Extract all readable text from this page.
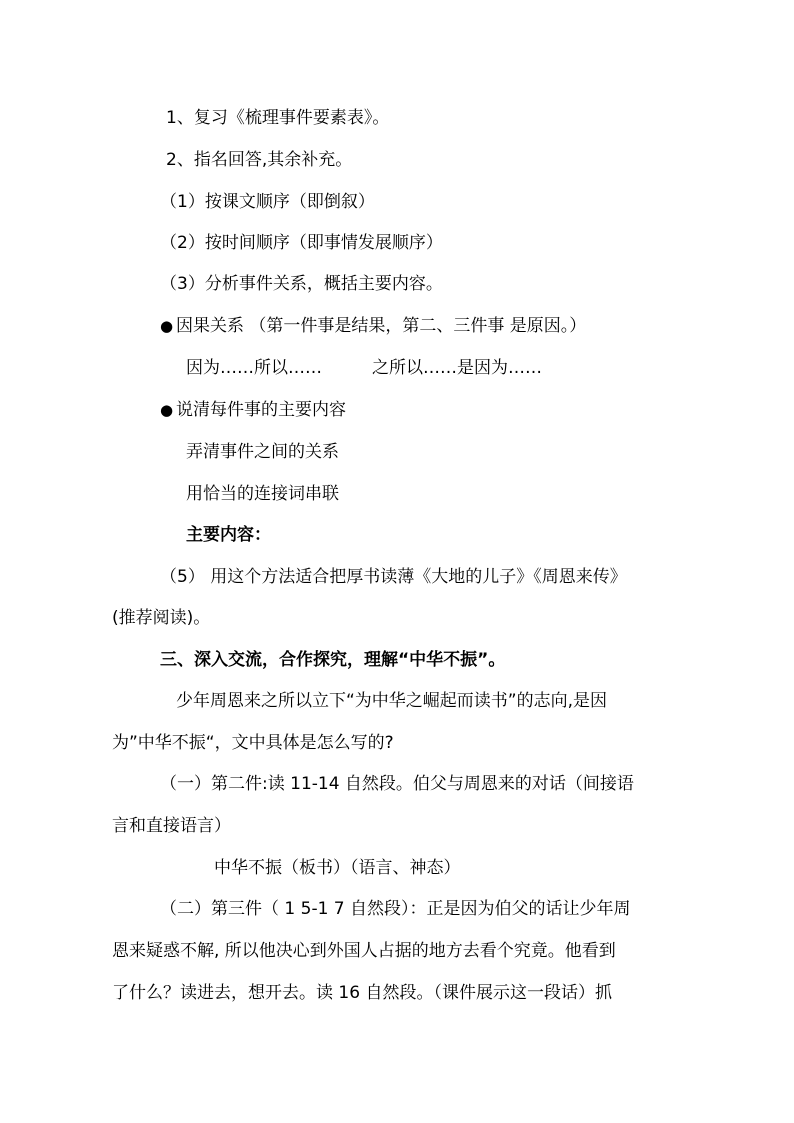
1、复习《梳理事件要素表》。
2、指名回答,其余补充。
（1）按课文顺序（即倒叙）
（2）按时间顺序（即事情发展顺序）
（3）分析事件关系，概括主要内容。
● 因果关系 （第一件事是结果，第二、三件事 是原因。）
因为……所以……	之所以……是因为……
● 说清每件事的主要内容
弄清事件之间的关系
用恰当的连接词串联
主要内容：
（5） 用这个方法适合把厚书读薄《大地的儿子》《周恩来传》
(推荐阅读)。
三、深入交流，合作探究，理解“中华不振”。
少年周恩来之所以立下“为中华之崛起而读书”的志向,是因
为”中华不振“，文中具体是怎么写的?
（一）第二件:读 11-14 自然段。伯父与周恩来的对话（间接语
言和直接语言）
中华不振（板书）（语言、神态）
（二）第三件（ 1 5-1 7 自然段）：正是因为伯父的话让少年周
恩来疑惑不解, 所以他决心到外国人占据的地方去看个究竟。他看到
了什么？读进去，想开去。读 16 自然段。（课件展示这一段话）抓
